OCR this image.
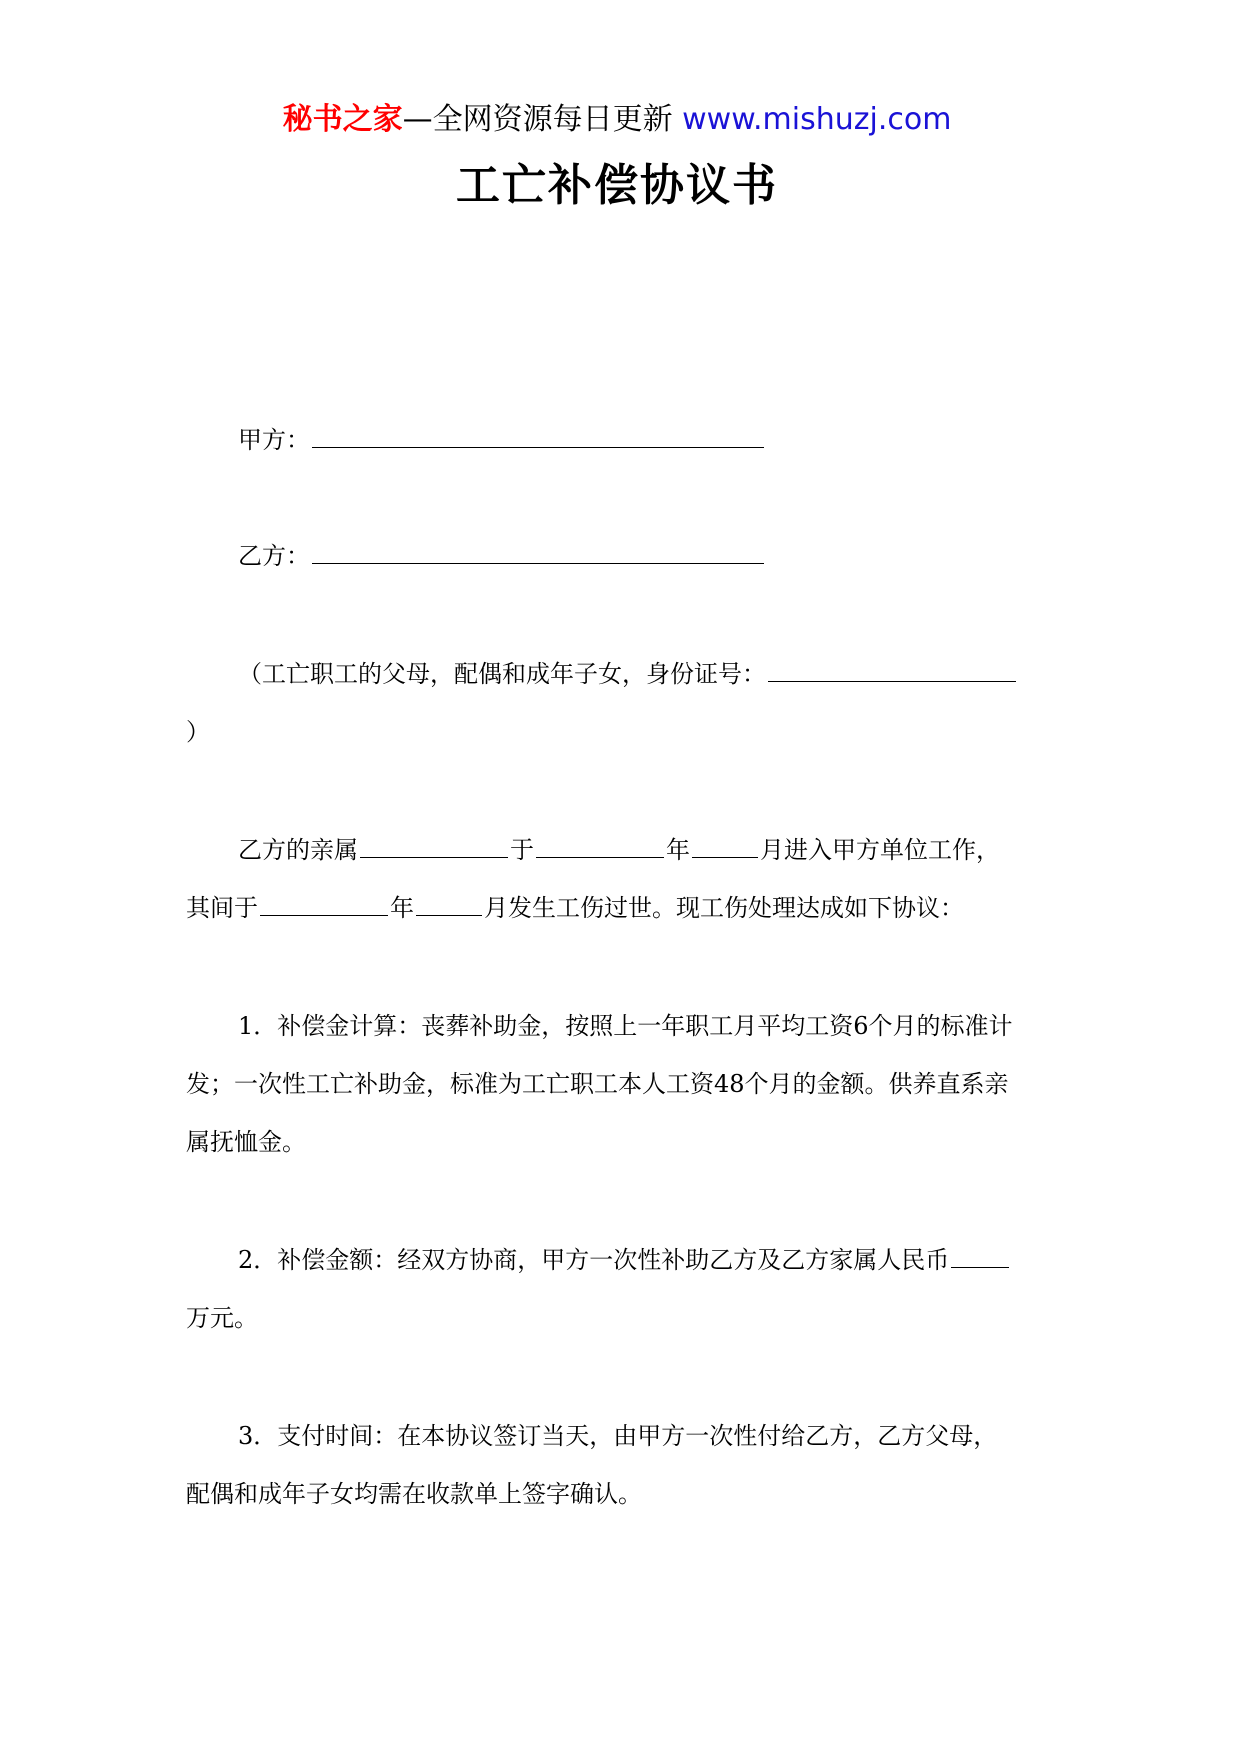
秘书之家—全网资源每日更新 www.mishuzj.com
工亡补偿协议书
甲方：
乙方：
（工亡职工的父母，配偶和成年子女，身份证号：
）
乙方的亲属	于	年	月进入甲方单位工作，
其间于	年	月发生工伤过世。现工伤处理达成如下协议：
1．补偿金计算：丧葬补助金，按照上一年职工月平均工资6个月的标准计
发；一次性工亡补助金，标准为工亡职工本人工资48个月的金额。供养直系亲
属抚恤金。
2．补偿金额：经双方协商，甲方一次性补助乙方及乙方家属人民币
万元。
3．支付时间：在本协议签订当天，由甲方一次性付给乙方，乙方父母，
配偶和成年子女均需在收款单上签字确认。
